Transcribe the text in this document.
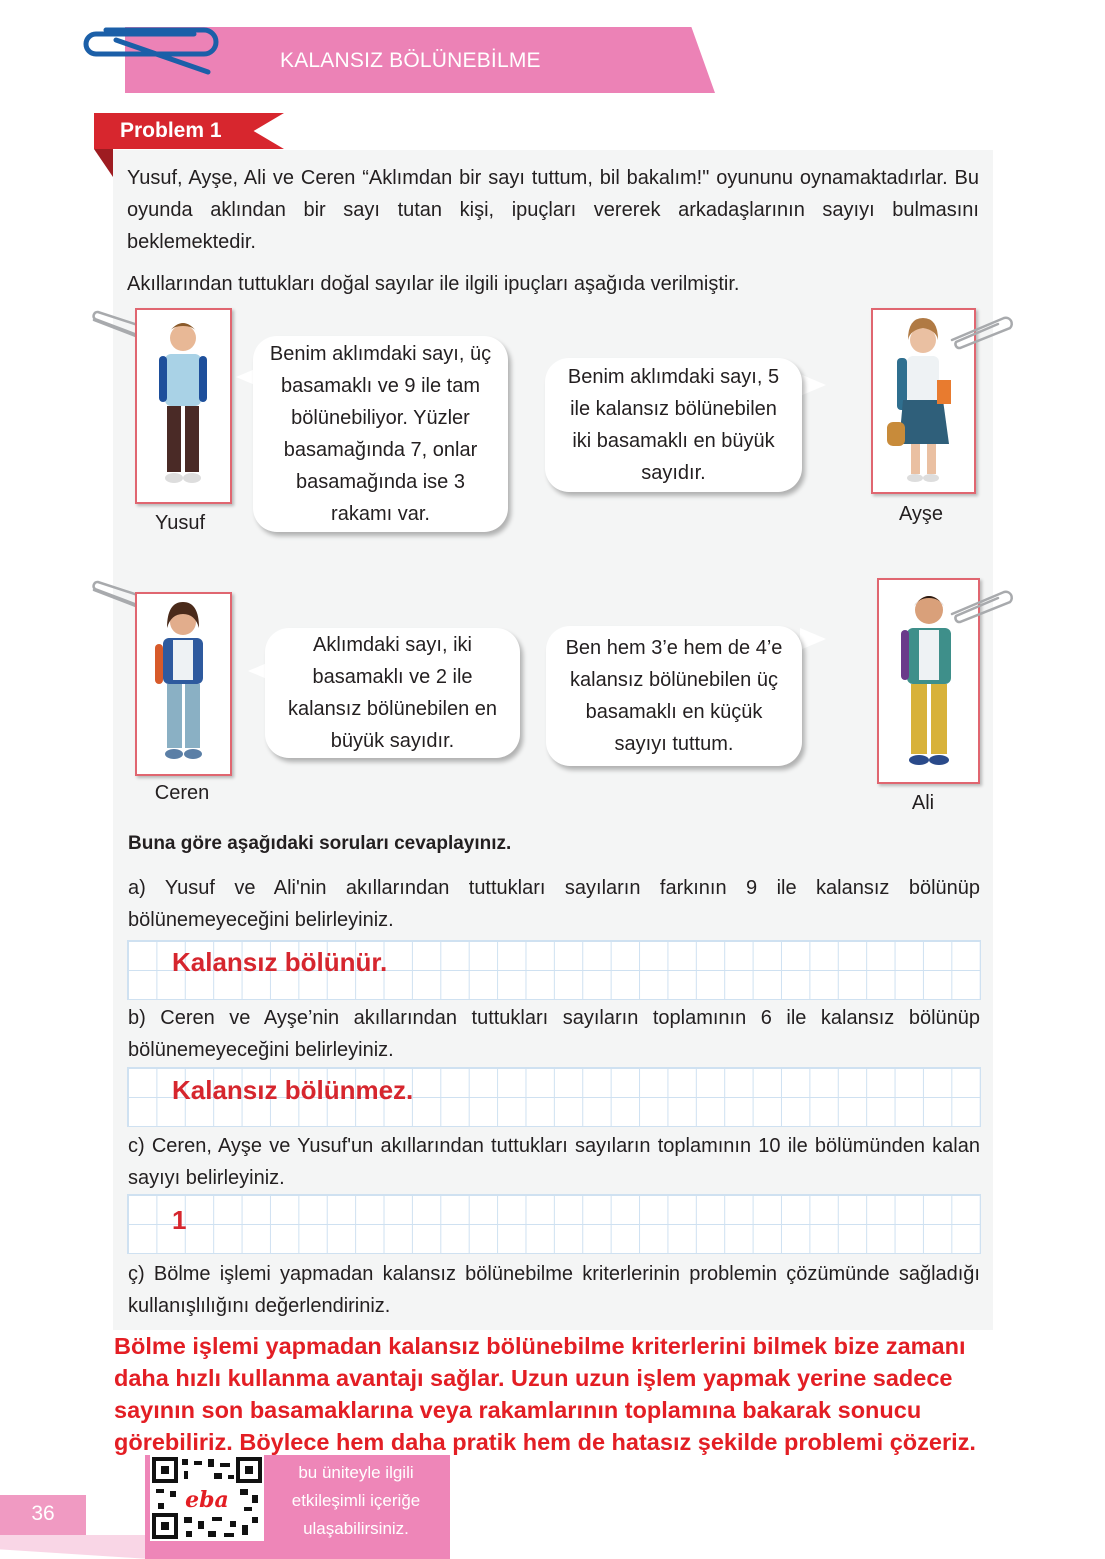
KALANSIZ BÖLÜNEBİLME
Problem 1
Yusuf, Ayşe, Ali ve Ceren “Aklımdan bir sayı tuttum, bil bakalım!" oyununu oynamaktadırlar. Bu oyunda aklından bir sayı tutan kişi, ipuçları vererek arkadaşlarının sayıyı bulmasını beklemektedir.
Akıllarından tuttukları doğal sayılar ile ilgili ipuçları aşağıda verilmiştir.
Yusuf
Benim aklımdaki sayı, üç basamaklı ve 9 ile tam bölünebiliyor. Yüzler basamağında 7, onlar basamağında ise 3 rakamı var.
Benim aklımdaki sayı, 5 ile kalansız bölünebilen iki basamaklı en büyük sayıdır.
Ayşe
Ceren
Aklımdaki sayı, iki basamaklı ve 2 ile kalansız bölünebilen en büyük sayıdır.
Ben hem 3’e hem de 4’e kalansız bölünebilen üç basamaklı en küçük sayıyı tuttum.
Ali
Buna göre aşağıdaki soruları cevaplayınız.
a) Yusuf ve Ali'nin akıllarından tuttukları sayıların farkının 9 ile kalansız bölünüp bölünemeyeceğini belirleyiniz.
Kalansız bölünür.
b) Ceren ve Ayşe’nin akıllarından tuttukları sayıların toplamının 6 ile kalansız bölünüp bölünemeyeceğini belirleyiniz.
Kalansız bölünmez.
c) Ceren, Ayşe ve Yusuf'un akıllarından tuttukları sayıların toplamının 10 ile bölümünden kalan sayıyı belirleyiniz.
1
ç) Bölme işlemi yapmadan kalansız bölünebilme kriterlerinin problemin çözümünde sağladığı kullanışlılığını değerlendiriniz.
Bölme işlemi yapmadan kalansız bölünebilme kriterlerini bilmek bize zamanı daha hızlı kullanma avantajı sağlar. Uzun uzun işlem yapmak yerine sadece sayının son basamaklarına veya rakamlarının toplamına bakarak sonucu görebiliriz. Böylece hem daha pratik hem de hatasız şekilde problemi çözeriz.
36
eba
bu üniteyle ilgili etkileşimli içeriğe ulaşabilirsiniz.
